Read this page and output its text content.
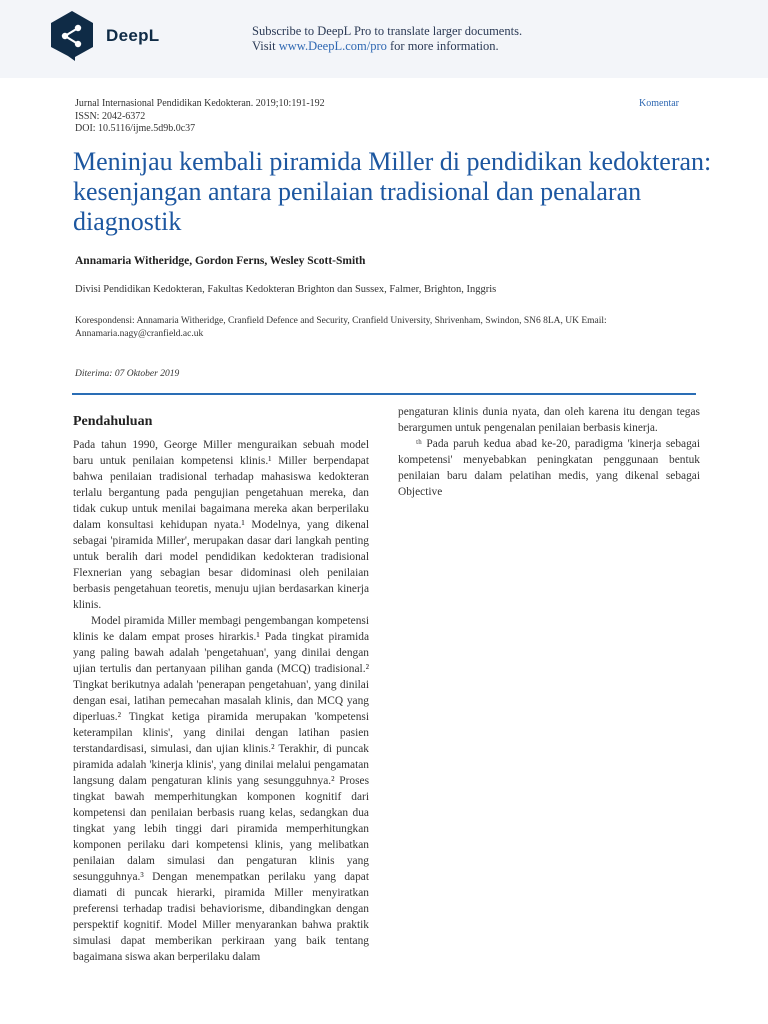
DeepL	Subscribe to DeepL Pro to translate larger documents.
Visit www.DeepL.com/pro for more information.
Jurnal Internasional Pendidikan Kedokteran. 2019;10:191-192
ISSN: 2042-6372
DOI: 10.5116/ijme.5d9b.0c37
Komentar
Meninjau kembali piramida Miller di pendidikan kedokteran: kesenjangan antara penilaian tradisional dan penalaran diagnostik
Annamaria Witheridge, Gordon Ferns, Wesley Scott-Smith
Divisi Pendidikan Kedokteran, Fakultas Kedokteran Brighton dan Sussex, Falmer, Brighton, Inggris
Korespondensi: Annamaria Witheridge, Cranfield Defence and Security, Cranfield University, Shrivenham, Swindon, SN6 8LA, UK Email: Annamaria.nagy@cranfield.ac.uk
Diterima: 07 Oktober 2019
Pendahuluan

Pada tahun 1990, George Miller menguraikan sebuah model baru untuk penilaian kompetensi klinis.¹ Miller berpendapat bahwa penilaian tradisional terhadap mahasiswa kedokteran terlalu bergantung pada pengujian pengetahuan mereka, dan tidak cukup untuk menilai bagaimana mereka akan berperilaku dalam konsultasi kehidupan nyata.¹ Modelnya, yang dikenal sebagai 'piramida Miller', merupakan dasar dari langkah penting untuk beralih dari model pendidikan kedokteran tradisional Flexnerian yang sebagian besar didominasi oleh penilaian berbasis pengetahuan teoretis, menuju ujian berdasarkan kinerja klinis.

Model piramida Miller membagi pengembangan kompetensi klinis ke dalam empat proses hirarkis.¹ Pada tingkat piramida yang paling bawah adalah 'pengetahuan', yang dinilai dengan ujian tertulis dan pertanyaan pilihan ganda (MCQ) tradisional.² Tingkat berikutnya adalah 'penerapan pengetahuan', yang dinilai dengan esai, latihan pemecahan masalah klinis, dan MCQ yang diperluas.² Tingkat ketiga piramida merupakan 'kompetensi keterampilan klinis', yang dinilai dengan latihan pasien terstandardisasi, simulasi, dan ujian klinis.² Terakhir, di puncak piramida adalah 'kinerja klinis', yang dinilai melalui pengamatan langsung dalam pengaturan klinis yang sesungguhnya.² Proses tingkat bawah memperhitungkan komponen kognitif dari kompetensi dan penilaian berbasis ruang kelas, sedangkan dua tingkat yang lebih tinggi dari piramida memperhitungkan komponen perilaku dari kompetensi klinis, yang melibatkan penilaian dalam simulasi dan pengaturan klinis yang sesungguhnya.³ Dengan menempatkan perilaku yang dapat diamati di puncak hierarki, piramida Miller menyiratkan preferensi terhadap tradisi behaviorisme, dibandingkan dengan perspektif kognitif. Model Miller menyarankan bahwa praktik simulasi dapat memberikan perkiraan yang baik tentang bagaimana siswa akan berperilaku dalam

pengaturan klinis dunia nyata, dan oleh karena itu dengan tegas berargumen untuk pengenalan penilaian berbasis kinerja.

ᵗʰ Pada paruh kedua abad ke-20, paradigma 'kinerja sebagai kompetensi' menyebabkan peningkatan penggunaan bentuk penilaian baru dalam pelatihan medis, yang dikenal sebagai Objective
